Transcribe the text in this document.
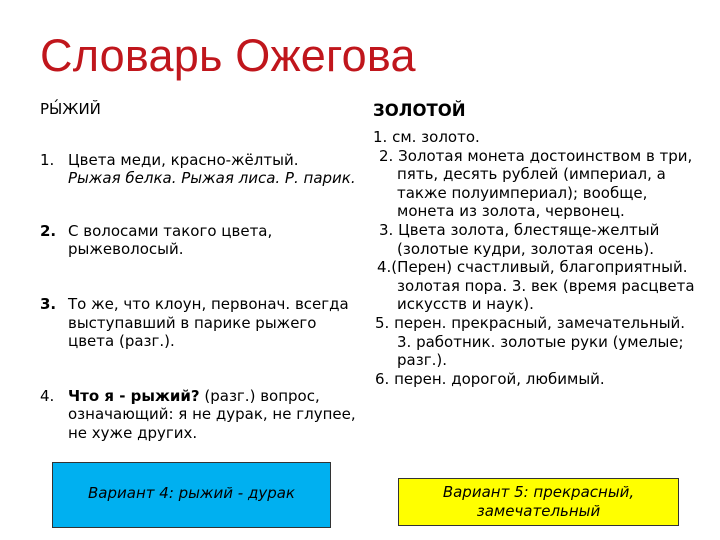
Словарь Ожегова

РЫ́ЖИЙ

1. Цвета меди, красно-жёлтый.
Рыжая белка. Рыжая лиса. Р. парик.

2. С волосами такого цвета, рыжеволосый.

3. То же, что клоун, первонач. всегда выступавший в парике рыжего цвета (разг.).

4. Что я - рыжий? (разг.) вопрос, означающий: я не дурак, не глупее, не хуже других.

ЗОЛОТОЙ

1. см. золото.

2. Золотая монета достоинством в три, пять, десять рублей (империал, а также полуимпериал); вообще, монета из золота, червонец.

3. Цвета золота, блестяще-желтый (золотые кудри, золотая осень).

4.(Перен) счастливый, благоприятный. золотая пора. 3. век (время расцвета искусств и наук).

5. перен. прекрасный, замечательный. 3. работник. золотые руки (умелые; разг.).

6. перен. дорогой, любимый.

Вариант 4: рыжий - дурак	Вариант 5: прекрасный, замечательный
